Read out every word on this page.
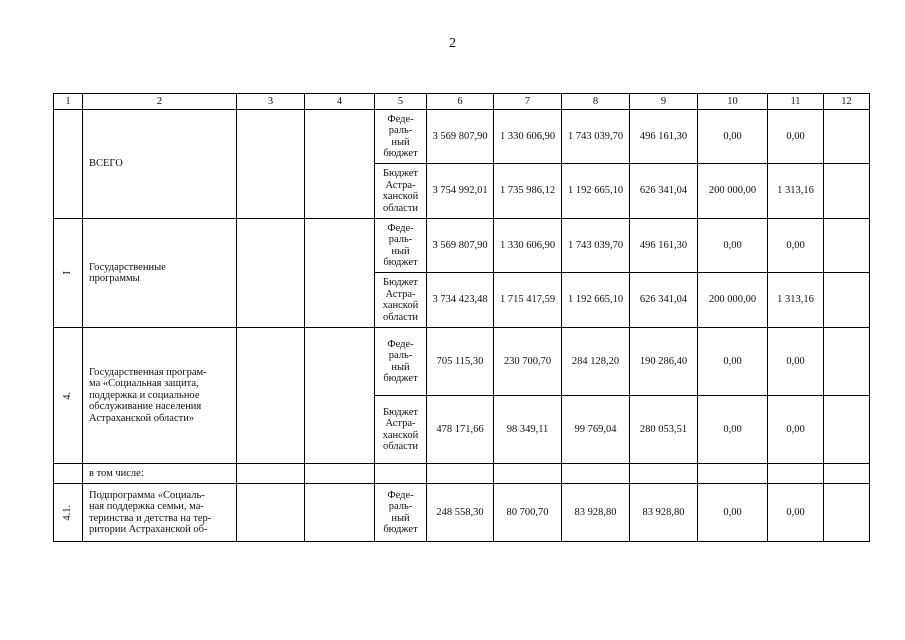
2
1	2	3	4	5	6	7	8	9	10	11	12
	ВСЕГО			Феде-
раль-
ный
бюджет	3 569 807,90	1 330 606,90	1 743 039,70	496 161,30	0,00	0,00	
				Бюджет
Астра-
ханской
области	3 754 992,01	1 735 986,12	1 192 665,10	626 341,04	200 000,00	1 313,16	
I	Государственные
программы			Феде-
раль-
ный
бюджет	3 569 807,90	1 330 606,90	1 743 039,70	496 161,30	0,00	0,00	
				Бюджет
Астра-
ханской
области	3 734 423,48	1 715 417,59	1 192 665,10	626 341,04	200 000,00	1 313,16	
4.	Государственная програм-
ма «Социальная защита,
поддержка и социальное
обслуживание населения
Астраханской области»			Феде-
раль-
ный
бюджет	705 115,30	230 700,70	284 128,20	190 286,40	0,00	0,00	
				Бюджет
Астра-
ханской
области	478 171,66	98 349,11	99 769,04	280 053,51	0,00	0,00	
	в том числе:										
4.1.	Подпрограмма «Социаль-
ная поддержка семьи, ма-
теринства и детства на тер-
ритории Астраханской об-			Феде-
раль-
ный
бюджет	248 558,30	80 700,70	83 928,80	83 928,80	0,00	0,00	
